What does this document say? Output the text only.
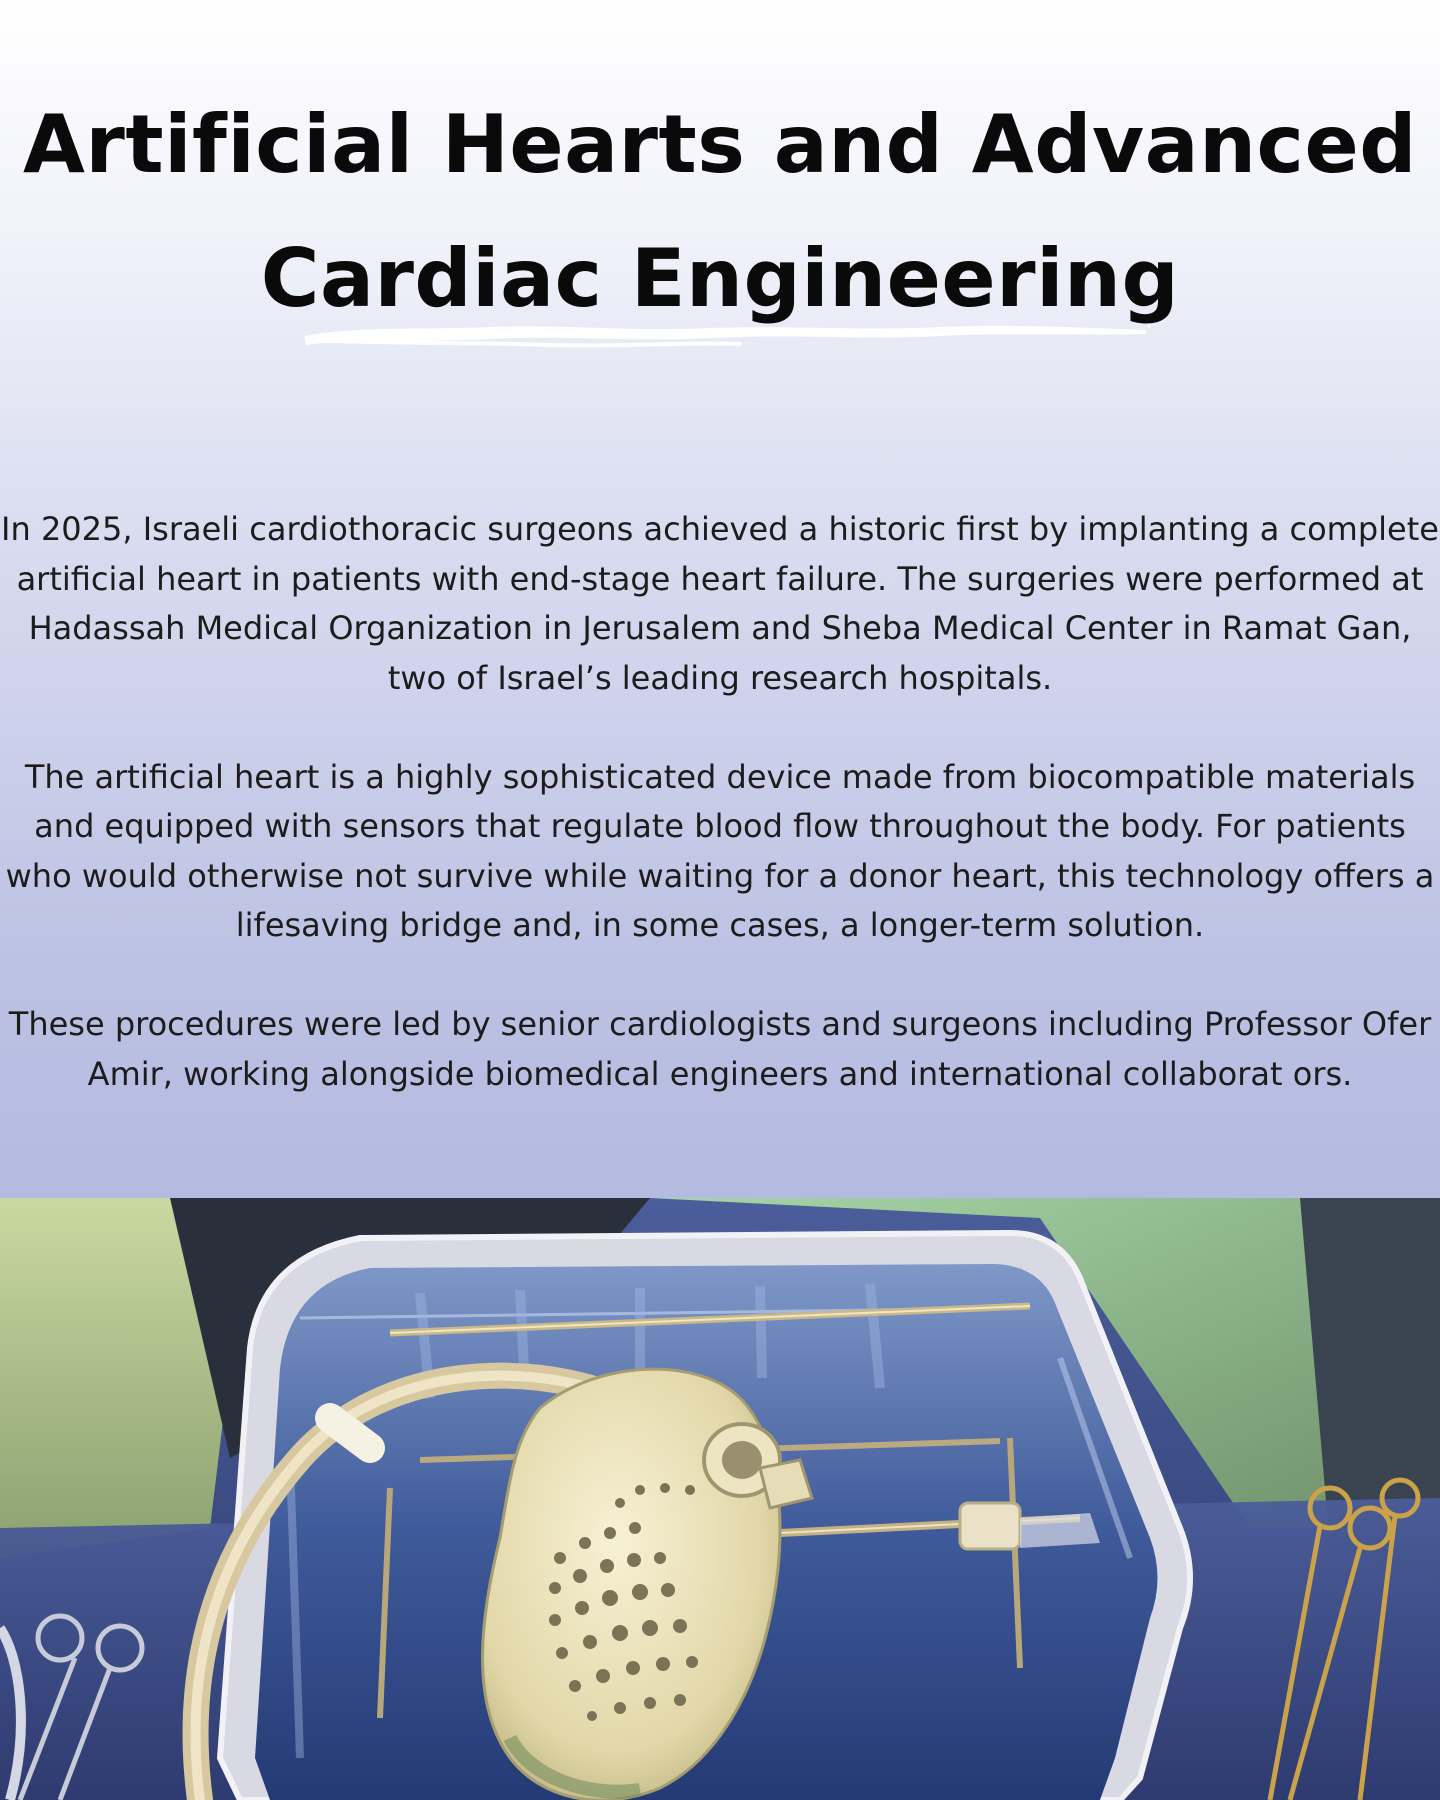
Artificial Hearts and Advanced
Cardiac Engineering

In 2025, Israeli cardiothoracic surgeons achieved a historic first by implanting a complete artificial heart in patients with end-stage heart failure. The surgeries were performed at Hadassah Medical Organization in Jerusalem and Sheba Medical Center in Ramat Gan, two of Israel’s leading research hospitals.

The artificial heart is a highly sophisticated device made from biocompatible materials and equipped with sensors that regulate blood flow throughout the body. For patients who would otherwise not survive while waiting for a donor heart, this technology offers a lifesaving bridge and, in some cases, a longer-term solution.

These procedures were led by senior cardiologists and surgeons including Professor Ofer Amir, working alongside biomedical engineers and international collaborat ors.
